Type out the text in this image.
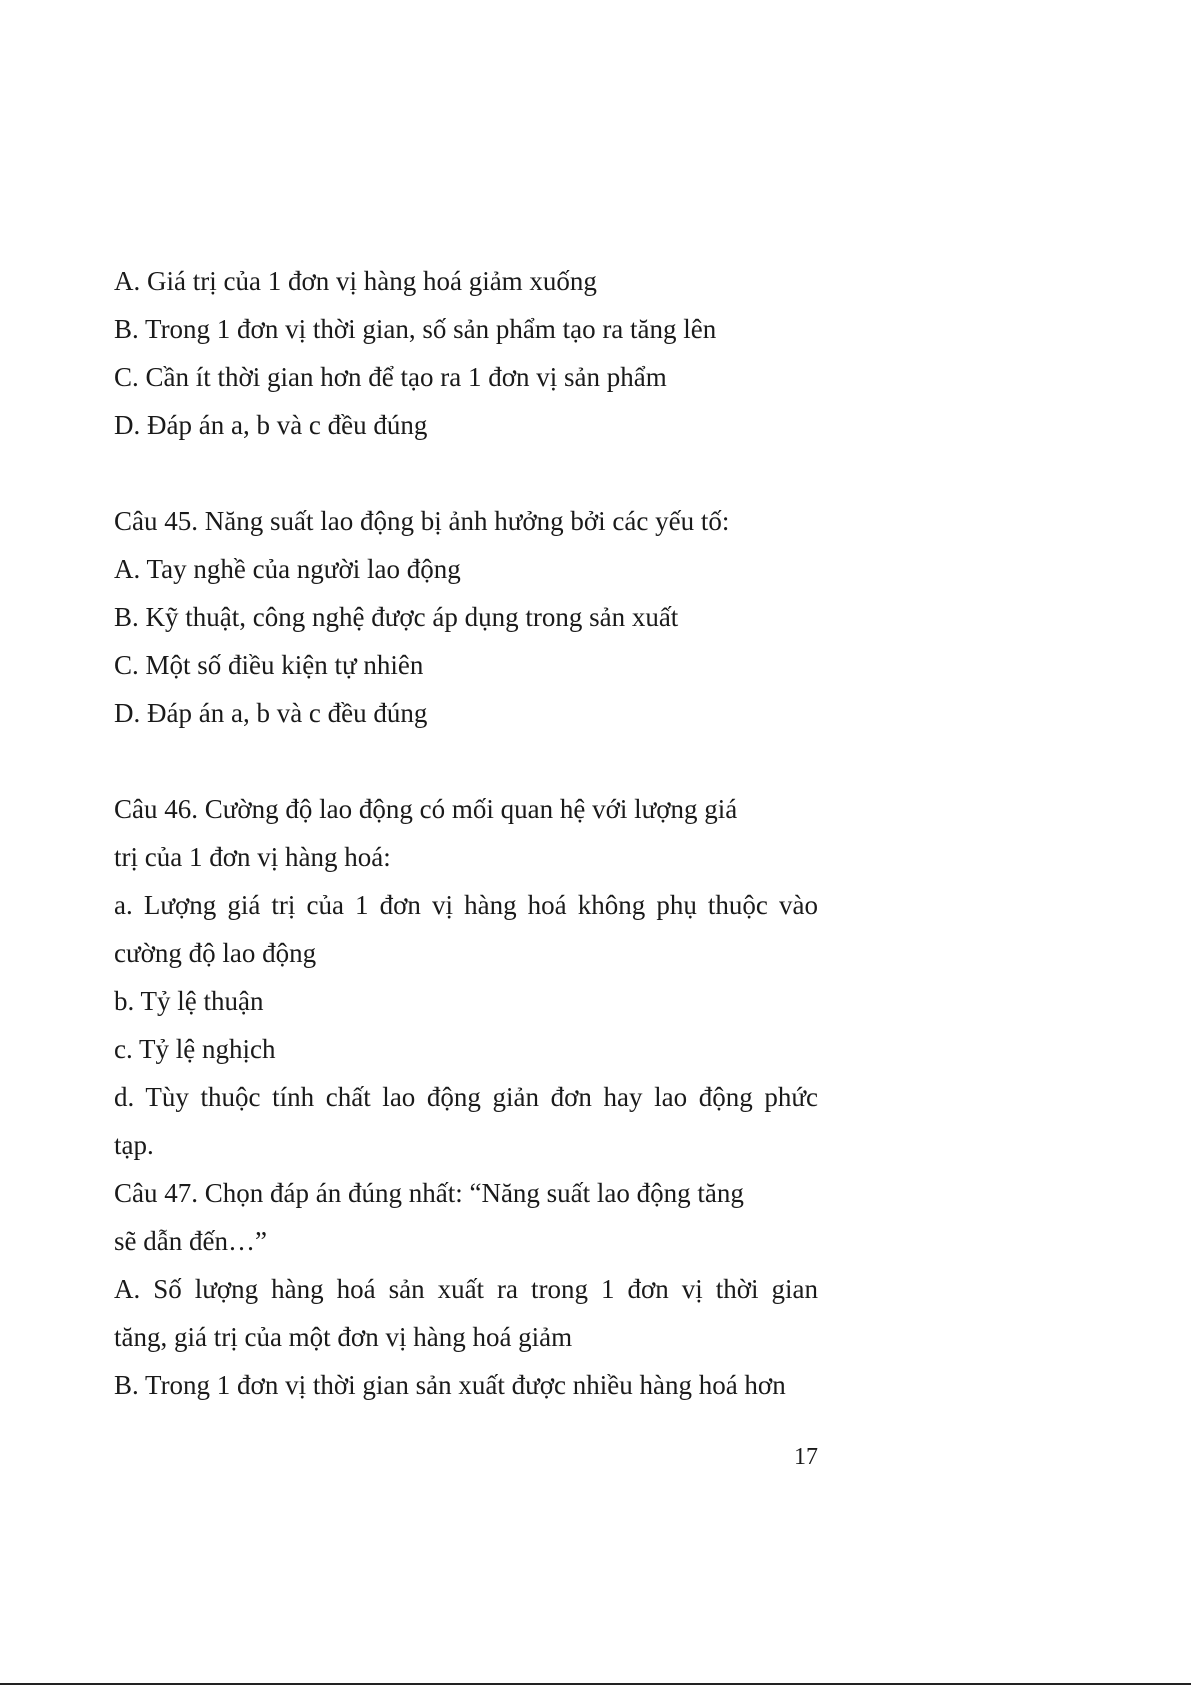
A. Giá trị của 1 đơn vị hàng hoá giảm xuống
B. Trong 1 đơn vị thời gian, số sản phẩm tạo ra tăng lên
C. Cần ít thời gian hơn để tạo ra 1 đơn vị sản phẩm
D. Đáp án a, b và c đều đúng
Câu 45. Năng suất lao động bị ảnh hưởng bởi các yếu tố:
A. Tay nghề của người lao động
B. Kỹ thuật, công nghệ được áp dụng trong sản xuất
C. Một số điều kiện tự nhiên
D. Đáp án a, b và c đều đúng
Câu 46. Cường độ lao động có mối quan hệ với lượng giá
trị của 1 đơn vị hàng hoá:
a. Lượng giá trị của 1 đơn vị hàng hoá không phụ thuộc vào
cường độ lao động
b. Tỷ lệ thuận
c. Tỷ lệ nghịch
d. Tùy thuộc tính chất lao động giản đơn hay lao động phức
tạp.
Câu 47. Chọn đáp án đúng nhất: “Năng suất lao động tăng
sẽ dẫn đến…”
A. Số lượng hàng hoá sản xuất ra trong 1 đơn vị thời gian
tăng, giá trị của một đơn vị hàng hoá giảm
B. Trong 1 đơn vị thời gian sản xuất được nhiều hàng hoá hơn
17
